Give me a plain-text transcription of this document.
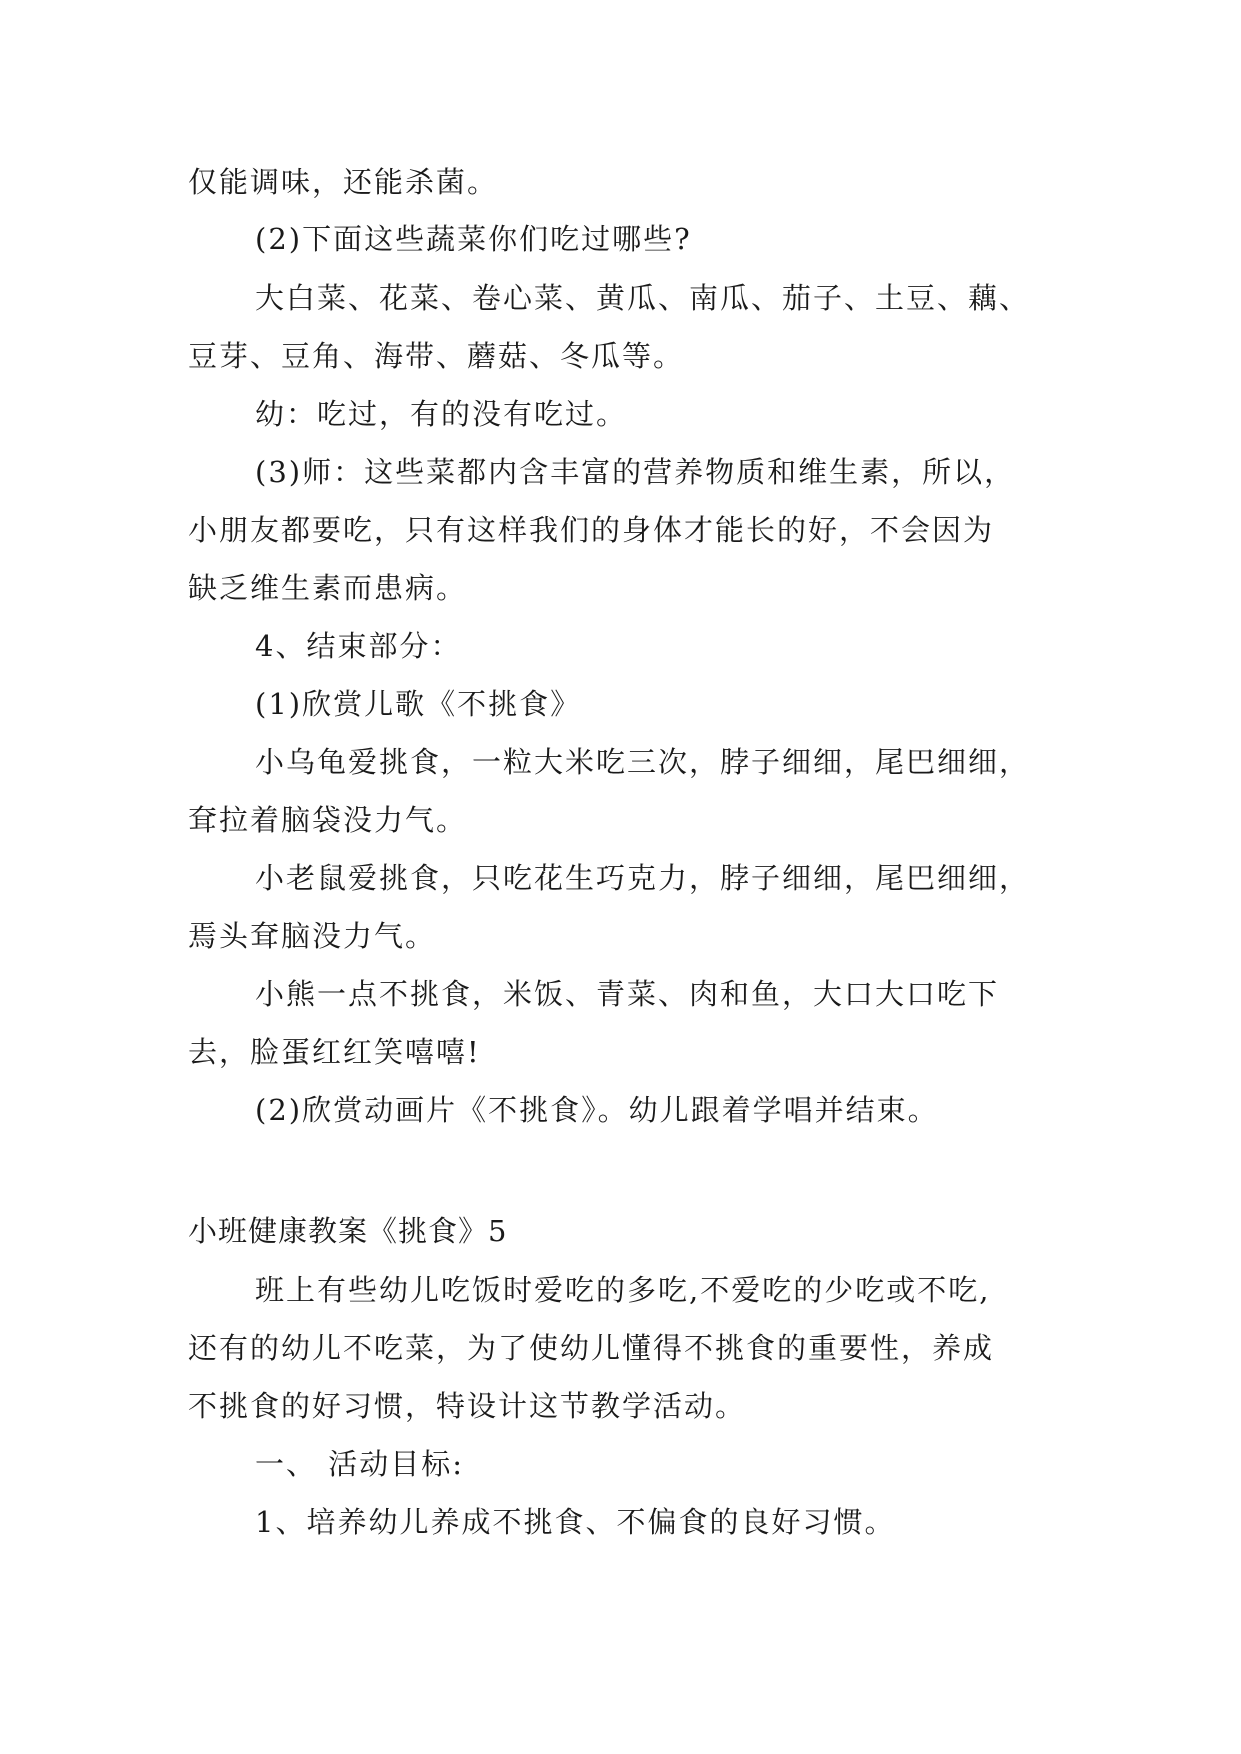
仅能调味，还能杀菌。
(2)下面这些蔬菜你们吃过哪些?
大白菜、花菜、卷心菜、黄瓜、南瓜、茄子、土豆、藕、
豆芽、豆角、海带、蘑菇、冬瓜等。
幼：吃过，有的没有吃过。
(3)师：这些菜都内含丰富的营养物质和维生素，所以，
小朋友都要吃，只有这样我们的身体才能长的好，不会因为
缺乏维生素而患病。
4、结束部分：
(1)欣赏儿歌《不挑食》
小乌龟爱挑食，一粒大米吃三次，脖子细细，尾巴细细，
耷拉着脑袋没力气。
小老鼠爱挑食，只吃花生巧克力，脖子细细，尾巴细细，
焉头耷脑没力气。
小熊一点不挑食，米饭、青菜、肉和鱼，大口大口吃下
去，脸蛋红红笑嘻嘻!
(2)欣赏动画片《不挑食》。幼儿跟着学唱并结束。
小班健康教案《挑食》5
班上有些幼儿吃饭时爱吃的多吃,不爱吃的少吃或不吃,
还有的幼儿不吃菜，为了使幼儿懂得不挑食的重要性，养成
不挑食的好习惯，特设计这节教学活动。
一、 活动目标:
1、培养幼儿养成不挑食、不偏食的良好习惯。
